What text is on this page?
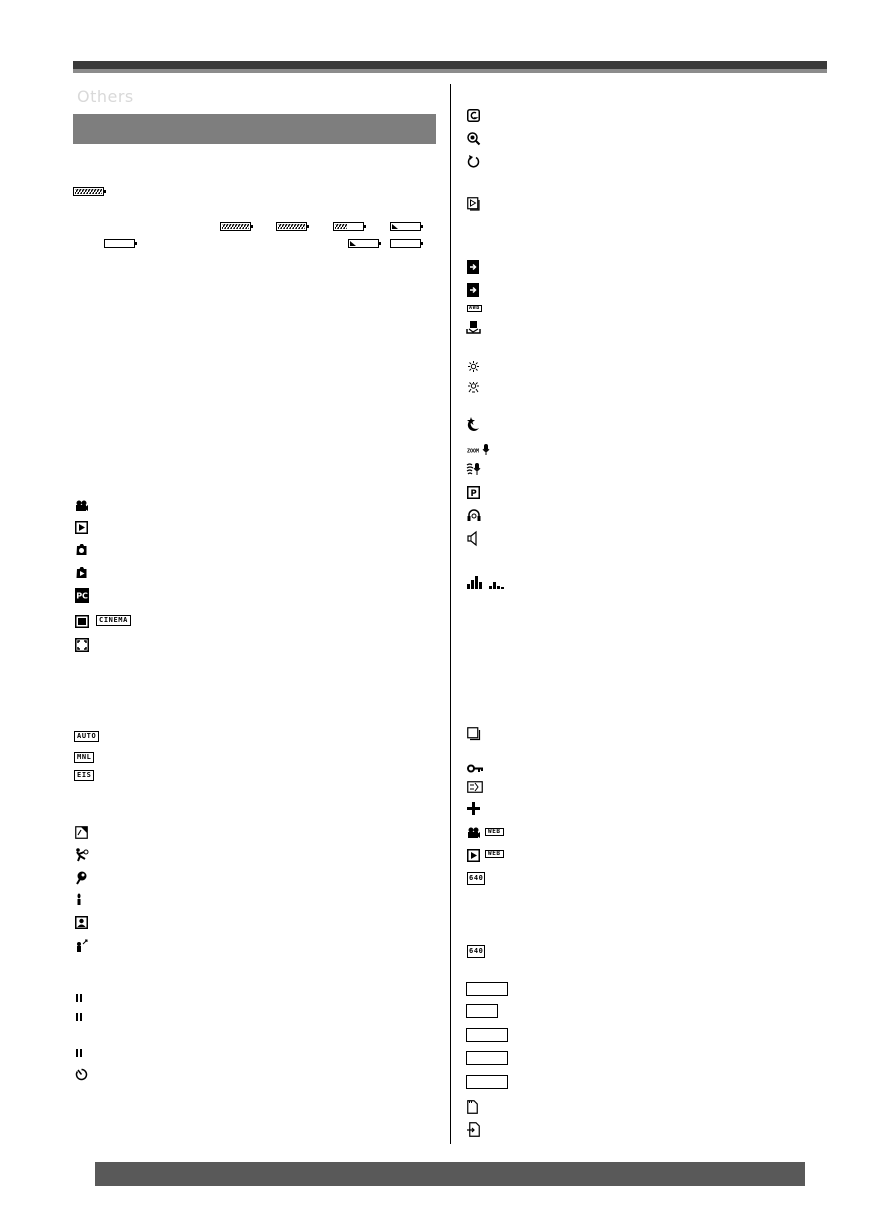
Others
PC
CINEMA
AUTO
MNL
EIS
AWB
ZOOM
P
WEB
WEB
640
640
